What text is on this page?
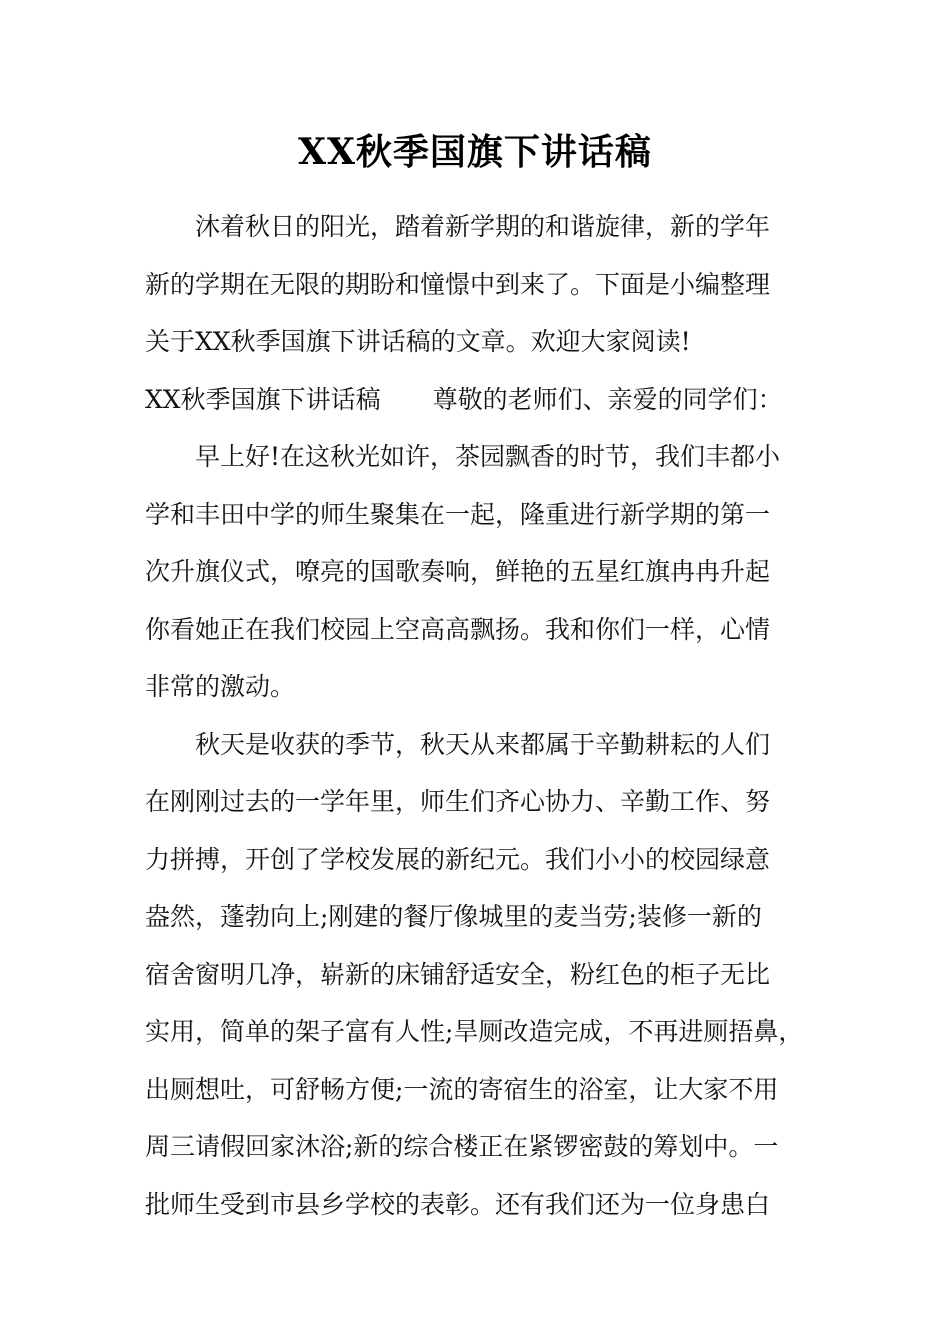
XX秋季国旗下讲话稿
沐着秋日的阳光，踏着新学期的和谐旋律，新的学年
新的学期在无限的期盼和憧憬中到来了。下面是小编整理
关于XX秋季国旗下讲话稿的文章。欢迎大家阅读!
XX秋季国旗下讲话稿 尊敬的老师们、亲爱的同学们：
早上好!在这秋光如许，茶园飘香的时节，我们丰都小
学和丰田中学的师生聚集在一起，隆重进行新学期的第一
次升旗仪式，嘹亮的国歌奏响，鲜艳的五星红旗冉冉升起
你看她正在我们校园上空高高飘扬。我和你们一样，心情
非常的激动。
秋天是收获的季节，秋天从来都属于辛勤耕耘的人们
在刚刚过去的一学年里，师生们齐心协力、辛勤工作、努
力拼搏，开创了学校发展的新纪元。我们小小的校园绿意
盎然，蓬勃向上;刚建的餐厅像城里的麦当劳;装修一新的
宿舍窗明几净，崭新的床铺舒适安全，粉红色的柜子无比
实用，简单的架子富有人性;旱厕改造完成，不再进厕捂鼻，
出厕想吐，可舒畅方便;一流的寄宿生的浴室，让大家不用
周三请假回家沐浴;新的综合楼正在紧锣密鼓的筹划中。一
批师生受到市县乡学校的表彰。还有我们还为一位身患白
